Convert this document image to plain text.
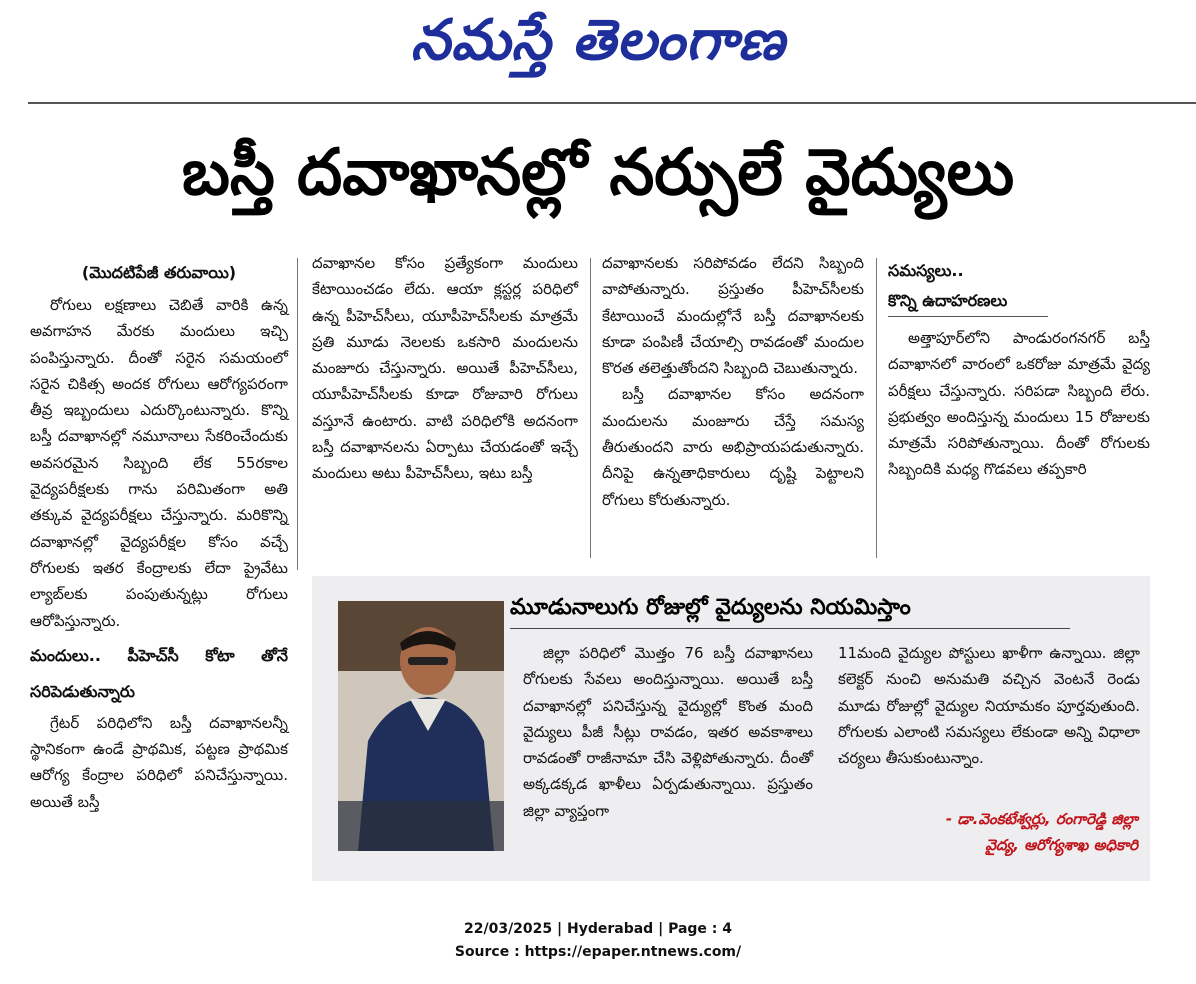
నమస్తే తెలంగాణ
బస్తీ దవాఖానల్లో నర్సులే వైద్యులు

(మొదటిపేజీ తరువాయి)

రోగులు లక్షణాలు చెబితే వారికి ఉన్న అవగాహన మేరకు మందులు ఇచ్చి పంపిస్తున్నారు. దీంతో సరైన సమయంలో సరైన చికిత్స అందక రోగులు ఆరోగ్యపరంగా తీవ్ర ఇబ్బందులు ఎదుర్కొంటున్నారు. కొన్ని బస్తీ దవాఖానల్లో నమూనాలు సేకరించేందుకు అవసరమైన సిబ్బంది లేక 55రకాల వైద్యపరీక్షలకు గాను పరిమితంగా అతి తక్కువ వైద్యపరీక్షలు చేస్తున్నారు. మరికొన్ని దవాఖానల్లో వైద్యపరీక్షల కోసం వచ్చే రోగులకు ఇతర కేంద్రాలకు లేదా ప్రైవేటు ల్యాబ్‌లకు పంపుతున్నట్లు రోగులు ఆరోపిస్తున్నారు.

మందులు.. పీహెచ్‌సీ కోటా తోనే సరిపెడుతున్నారు

గ్రేటర్ పరిధిలోని బస్తీ దవాఖానలన్నీ స్థానికంగా ఉండే ప్రాథమిక, పట్టణ ప్రాథమిక ఆరోగ్య కేంద్రాల పరిధిలో పనిచేస్తున్నాయి. అయితే బస్తీ

దవాఖానల కోసం ప్రత్యేకంగా మందులు కేటాయించడం లేదు. ఆయా క్లస్టర్ల పరిధిలో ఉన్న పీహెచ్‌సీలు, యూపీహెచ్‌సీలకు మాత్రమే ప్రతి మూడు నెలలకు ఒకసారి మందులను మంజూరు చేస్తున్నారు. అయితే పీహెచ్‌సీలు, యూపీహెచ్‌సీలకు కూడా రోజువారి రోగులు వస్తూనే ఉంటారు. వాటి పరిధిలోకి అదనంగా బస్తీ దవాఖానలను ఏర్పాటు చేయడంతో ఇచ్చే మందులు అటు పీహెచ్‌సీలు, ఇటు బస్తీ

దవాఖానలకు సరిపోవడం లేదని సిబ్బంది వాపోతున్నారు. ప్రస్తుతం పీహెచ్‌సీలకు కేటాయించే మందుల్లోనే బస్తీ దవాఖానలకు కూడా పంపిణీ చేయాల్సి రావడంతో మందుల కొరత తలెత్తుతోందని సిబ్బంది చెబుతున్నారు.

బస్తీ దవాఖానల కోసం అదనంగా మందులను మంజూరు చేస్తే సమస్య తీరుతుందని వారు అభిప్రాయపడుతున్నారు. దీనిపై ఉన్నతాధికారులు దృష్టి పెట్టాలని రోగులు కోరుతున్నారు.

సమస్యలు..

కొన్ని ఉదాహరణలు

అత్తాపూర్‌లోని పాండురంగనగర్ బస్తీ దవాఖానలో వారంలో ఒకరోజు మాత్రమే వైద్య పరీక్షలు చేస్తున్నారు. సరిపడా సిబ్బంది లేరు. ప్రభుత్వం అందిస్తున్న మందులు 15 రోజులకు మాత్రమే సరిపోతున్నాయి. దీంతో రోగులకు సిబ్బందికి మధ్య గొడవలు తప్పకారి

మూడునాలుగు రోజుల్లో వైద్యులను నియమిస్తాం

జిల్లా పరిధిలో మొత్తం 76 బస్తీ దవాఖానలు రోగులకు సేవలు అందిస్తున్నాయి. అయితే బస్తీ దవాఖానల్లో పనిచేస్తున్న వైద్యుల్లో కొంత మంది వైద్యులు పీజీ సీట్లు రావడం, ఇతర అవకాశాలు రావడంతో రాజీనామా చేసి వెళ్లిపోతున్నారు. దీంతో అక్కడక్కడ ఖాళీలు ఏర్పడుతున్నాయి. ప్రస్తుతం జిల్లా వ్యాప్తంగా

11మంది వైద్యుల పోస్టులు ఖాళీగా ఉన్నాయి. జిల్లా కలెక్టర్ నుంచి అనుమతి వచ్చిన వెంటనే రెండు మూడు రోజుల్లో వైద్యుల నియామకం పూర్తవుతుంది. రోగులకు ఎలాంటి సమస్యలు లేకుండా అన్ని విధాలా చర్యలు తీసుకుంటున్నాం.

- డా.వెంకటేశ్వర్లు, రంగారెడ్డి జిల్లా
వైద్య, ఆరోగ్యశాఖ అధికారి
22/03/2025 | Hyderabad | Page : 4
Source : https://epaper.ntnews.com/
